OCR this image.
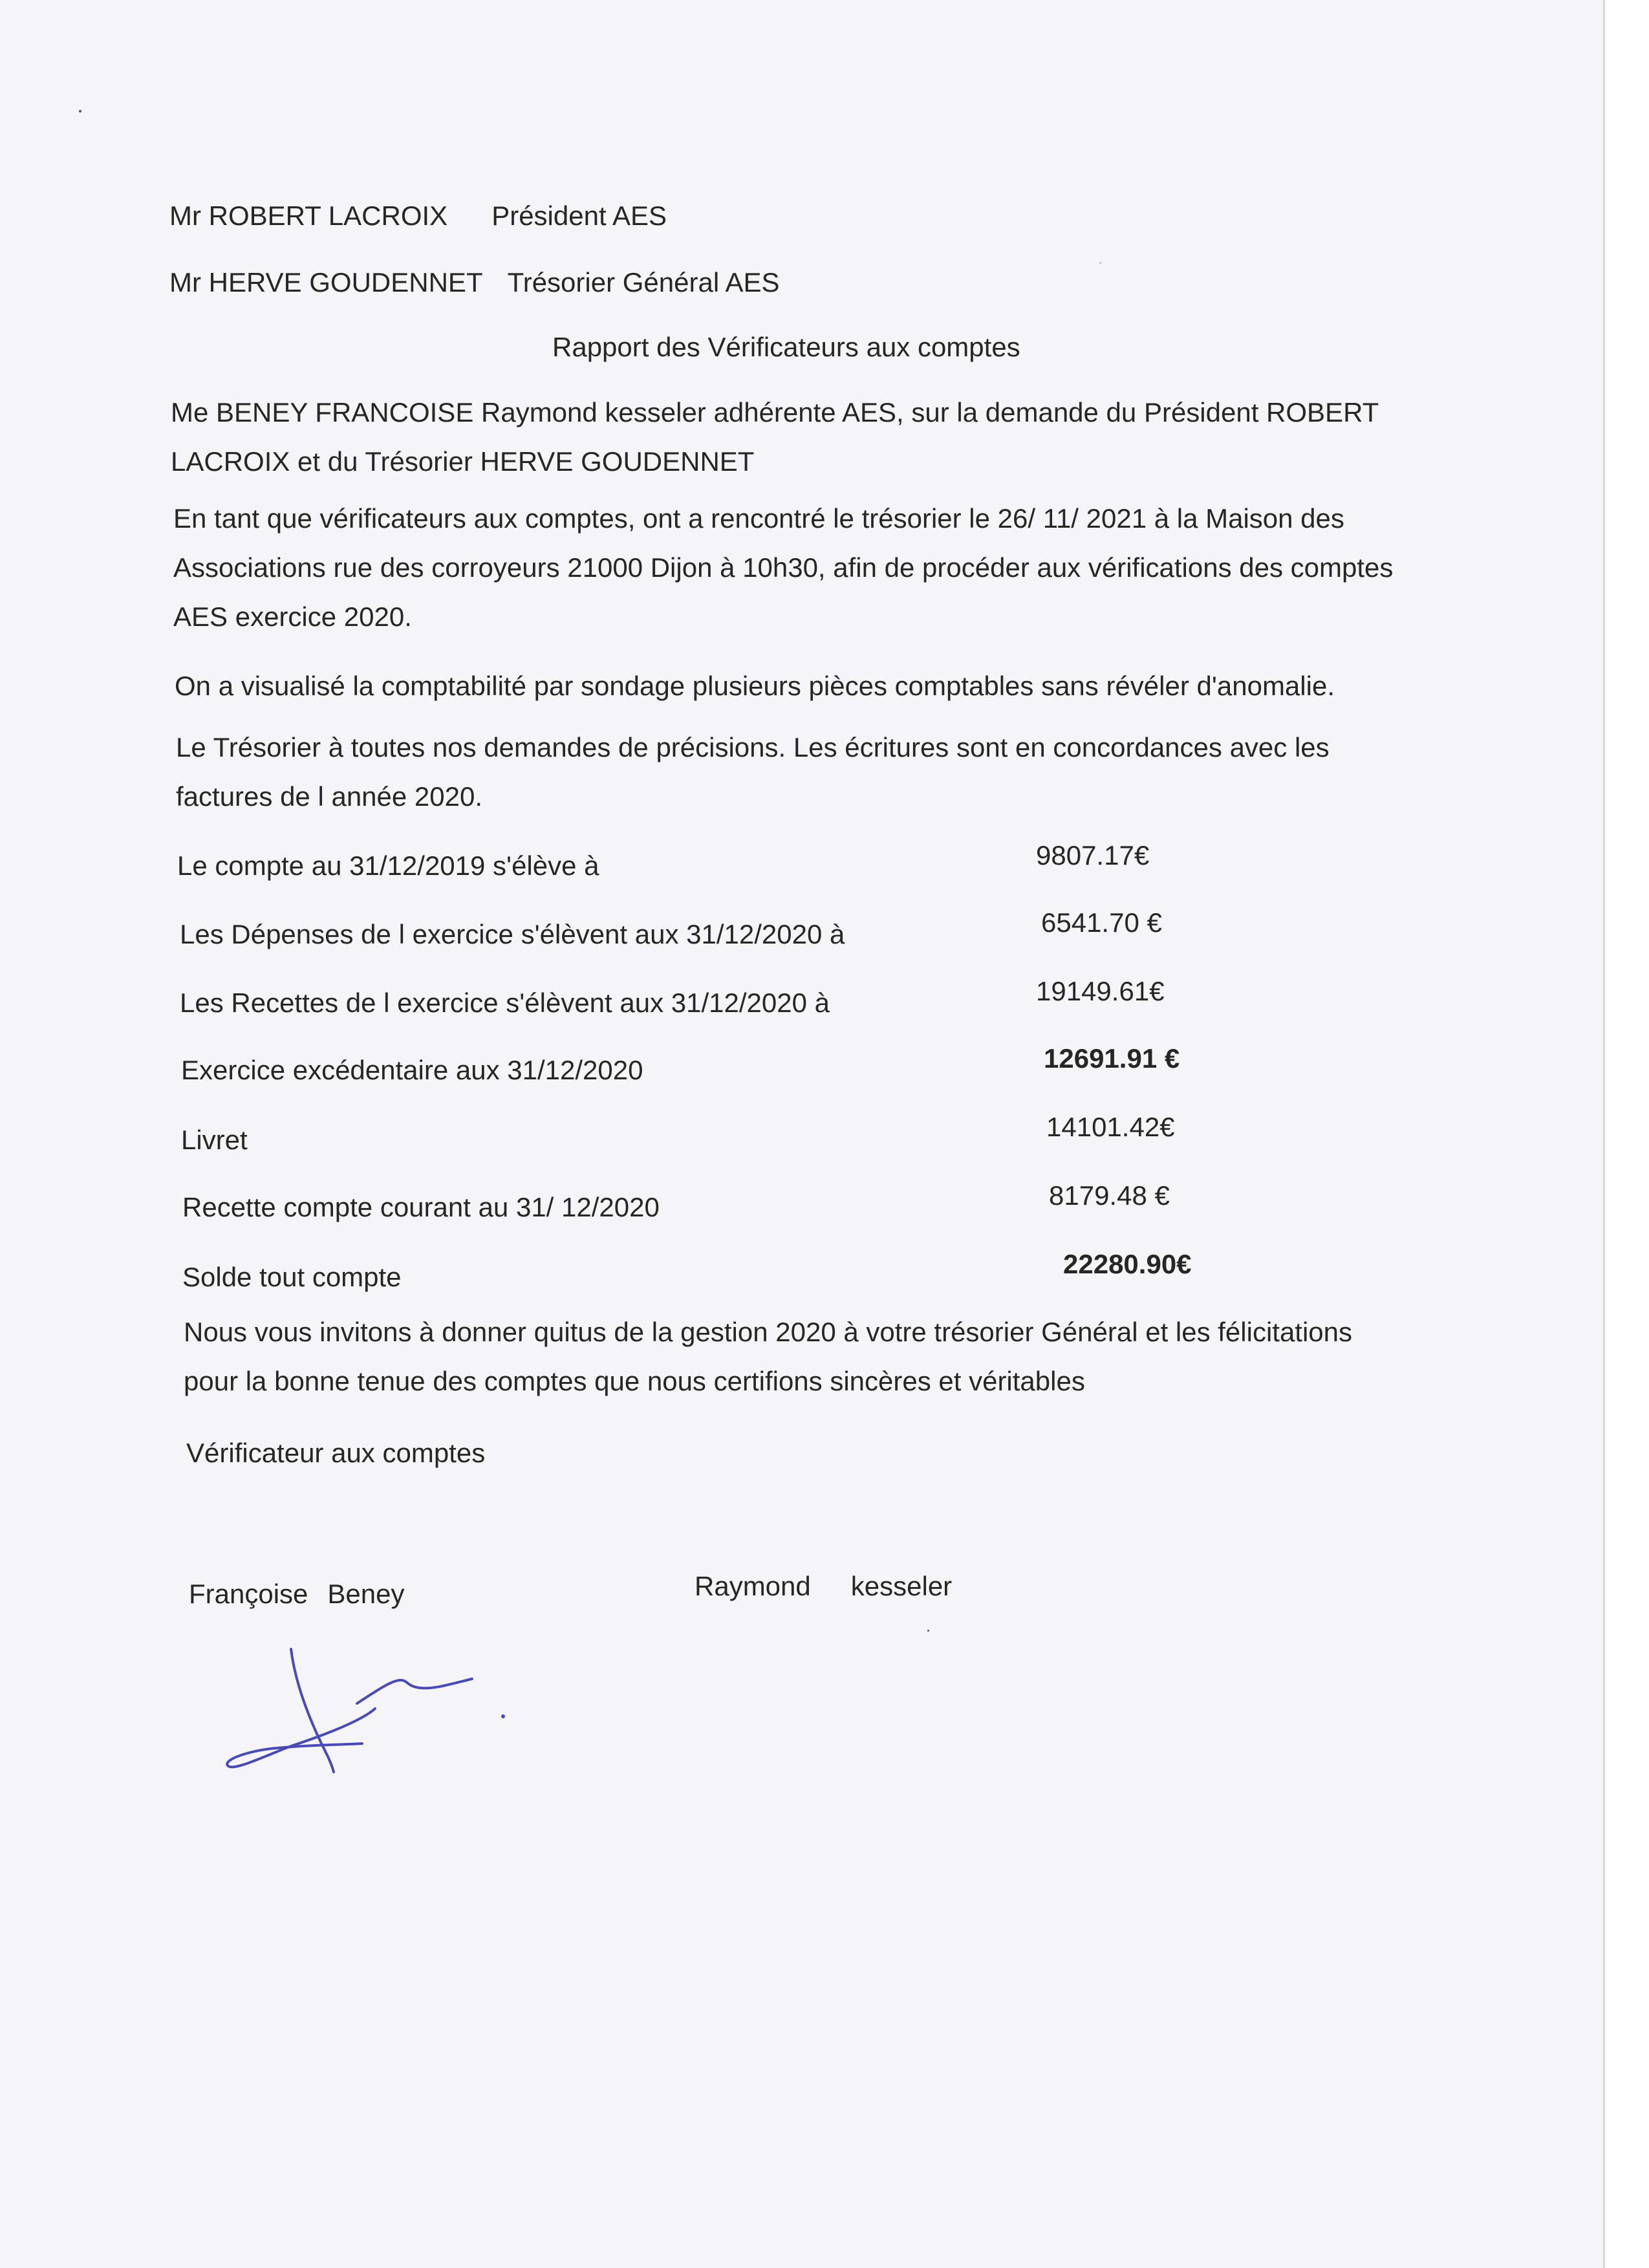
Mr ROBERT LACROIX Président AES

Mr HERVE GOUDENNET Trésorier Général AES

Rapport des Vérificateurs aux comptes

Me BENEY FRANCOISE Raymond kesseler adhérente AES, sur la demande du Président ROBERT
LACROIX et du Trésorier HERVE GOUDENNET
En tant que vérificateurs aux comptes, ont a rencontré le trésorier le 26/ 11/ 2021 à la Maison des
Associations rue des corroyeurs 21000 Dijon à 10h30, afin de procéder aux vérifications des comptes
AES exercice 2020.

On a visualisé la comptabilité par sondage plusieurs pièces comptables sans révéler d'anomalie.

Le Trésorier à toutes nos demandes de précisions. Les écritures sont en concordances avec les
factures de l année 2020.
Le compte au 31/12/2019 s'élève à	9807.17€
Les Dépenses de l exercice s'élèvent aux 31/12/2020 à	6541.70 €
Les Recettes de l exercice s'élèvent aux 31/12/2020 à	19149.61€
Exercice excédentaire aux 31/12/2020	12691.91 €
Livret	14101.42€
Recette compte courant au 31/ 12/2020	8179.48 €
Solde tout compte	22280.90€
Nous vous invitons à donner quitus de la gestion 2020 à votre trésorier Général et les félicitations
pour la bonne tenue des comptes que nous certifions sincères et véritables

Vérificateur aux comptes

Françoise Beney	Raymond kesseler
